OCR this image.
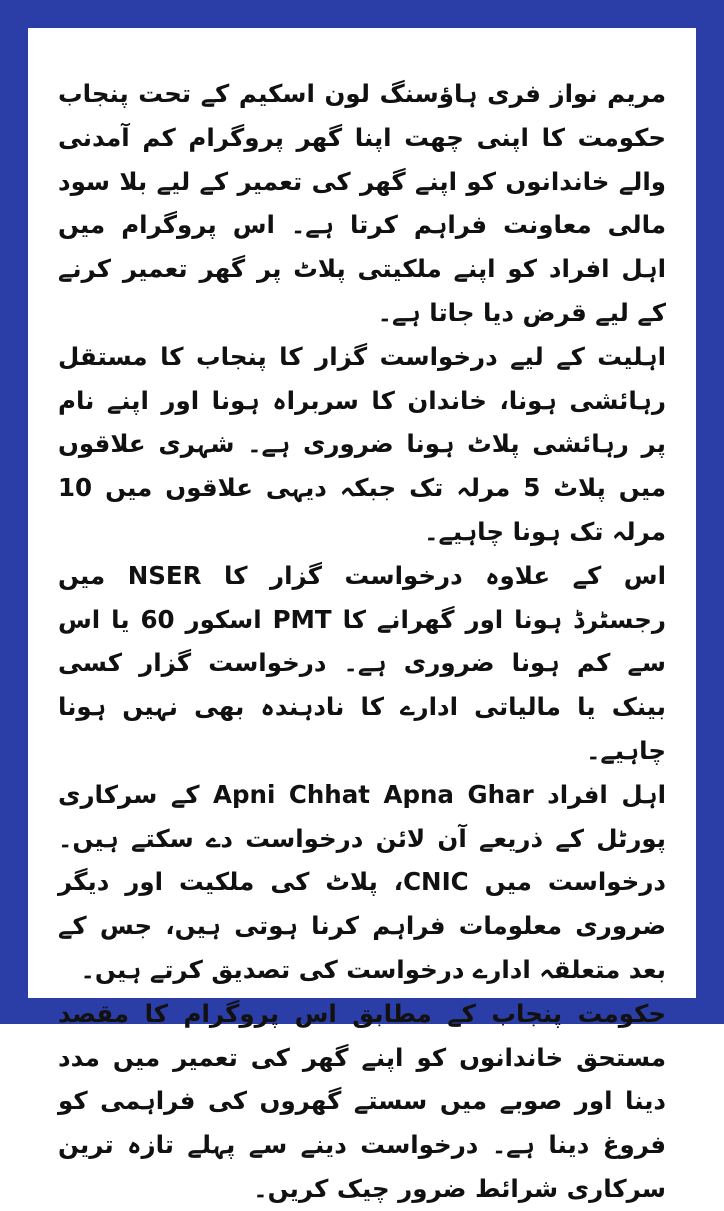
مریم نواز فری ہاؤسنگ لون اسکیم کے تحت پنجاب حکومت کا اپنی چھت اپنا گھر پروگرام کم آمدنی والے خاندانوں کو اپنے گھر کی تعمیر کے لیے بلا سود مالی معاونت فراہم کرتا ہے۔ اس پروگرام میں اہل افراد کو اپنے ملکیتی پلاٹ پر گھر تعمیر کرنے کے لیے قرض دیا جاتا ہے۔

اہلیت کے لیے درخواست گزار کا پنجاب کا مستقل رہائشی ہونا، خاندان کا سربراہ ہونا اور اپنے نام پر رہائشی پلاٹ ہونا ضروری ہے۔ شہری علاقوں میں پلاٹ 5 مرلہ تک جبکہ دیہی علاقوں میں 10 مرلہ تک ہونا چاہیے۔

اس کے علاوہ درخواست گزار کا NSER میں رجسٹرڈ ہونا اور گھرانے کا PMT اسکور 60 یا اس سے کم ہونا ضروری ہے۔ درخواست گزار کسی بینک یا مالیاتی ادارے کا نادہندہ بھی نہیں ہونا چاہیے۔

اہل افراد Apni Chhat Apna Ghar کے سرکاری پورٹل کے ذریعے آن لائن درخواست دے سکتے ہیں۔ درخواست میں CNIC، پلاٹ کی ملکیت اور دیگر ضروری معلومات فراہم کرنا ہوتی ہیں، جس کے بعد متعلقہ ادارے درخواست کی تصدیق کرتے ہیں۔

حکومت پنجاب کے مطابق اس پروگرام کا مقصد مستحق خاندانوں کو اپنے گھر کی تعمیر میں مدد دینا اور صوبے میں سستے گھروں کی فراہمی کو فروغ دینا ہے۔ درخواست دینے سے پہلے تازہ ترین سرکاری شرائط ضرور چیک کریں۔
